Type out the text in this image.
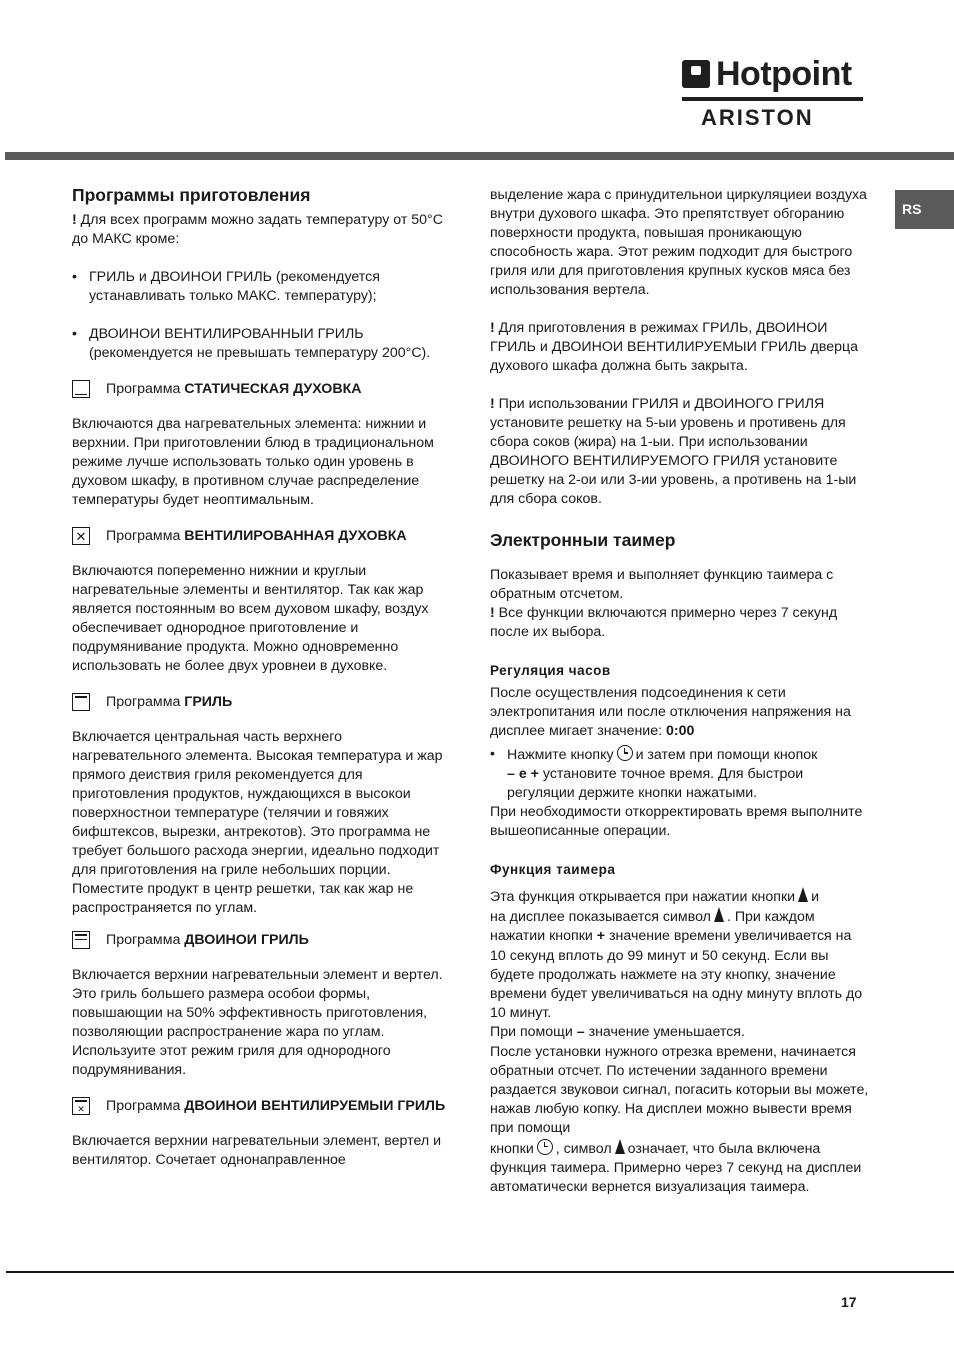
Hotpoint
ARISTON
RS

Программы приготовления

! Для всех программ можно задать температуру от 50°С до МАКС кроме:

• ГРИЛЬ и ДВОИНОИ ГРИЛЬ (рекомендуется устанавливать только МАКС. температуру);
• ДВОИНОИ ВЕНТИЛИРОВАННЫИ ГРИЛЬ (рекомендуется не превышать температуру 200°С).
Программа СТАТИЧЕСКАЯ ДУХОВКА

Включаются два нагревательных элемента: нижнии и верхнии. При приготовлении блюд в традициональном режиме лучше использовать только один уровень в духовом шкафу, в противном случае распределение температуры будет неоптимальным.

✕ Программа ВЕНТИЛИРОВАННАЯ ДУХОВКА

Включаются попеременно нижнии и круглыи нагревательные элементы и вентилятор. Так как жар является постоянным во всем духовом шкафу, воздух обеспечивает однородное приготовление и подрумянивание продукта. Можно одновременно использовать не более двух уровнеи в духовке.

Программа ГРИЛЬ

Включается центральная часть верхнего нагревательного элемента. Высокая температура и жар прямого деиствия гриля рекомендуется для приготовления продуктов, нуждающихся в высокои поверхностнои температуре (телячии и говяжих бифштексов, вырезки, антрекотов). Это программа не требует большого расхода энергии, идеально подходит для приготовления на гриле небольших порции. Поместите продукт в центр решетки, так как жар не распространяется по углам.

Программа ДВОИНОИ ГРИЛЬ

Включается верхнии нагревательныи элемент и вертел. Это гриль большего размера особои формы, повышающии на 50% эффективность приготовления, позволяющии распространение жара по углам. Используите этот режим гриля для однородного подрумянивания.

✕	Программа ДВОИНОИ ВЕНТИЛИРУЕМЫИ ГРИЛЬ

Включается верхнии нагревательныи элемент, вертел и вентилятор. Сочетает однонаправленное

выделение жара с принудительнои циркуляциеи воздуха внутри духового шкафа. Это препятствует обгоранию поверхности продукта, повышая проникающую способность жара. Этот режим подходит для быстрого гриля или для приготовления крупных кусков мяса без использования вертела.

! Для приготовления в режимах ГРИЛЬ, ДВОИНОИ ГРИЛЬ и ДВОИНОИ ВЕНТИЛИРУЕМЫИ ГРИЛЬ дверца духового шкафа должна быть закрыта.

! При использовании ГРИЛЯ и ДВОИНОГО ГРИЛЯ установите решетку на 5-ыи уровень и противень для сбора соков (жира) на 1-ыи. При использовании ДВОИНОГО ВЕНТИЛИРУЕМОГО ГРИЛЯ установите решетку на 2-ои или 3-ии уровень, а противень на 1-ыи для сбора соков.

Электронныи таимер

Показывает время и выполняет функцию таимера с обратным отсчетом.

! Все функции включаются примерно через 7 секунд после их выбора.

Регуляция часов

После осуществления подсоединения к сети электропитания или после отключения напряжения на дисплее мигает значение: 0:00

• Нажмите кнопку и затем при помощи кнопок
– е + установите точное время. Для быстрои регуляции держите кнопки нажатыми.

При необходимости откорректировать время выполните вышеописанные операции.

Функция таимера

Эта функция открывается при нажатии кнопки и
на дисплее показывается символ . При каждом
нажатии кнопки + значение времени увеличивается на 10 секунд вплоть до 99 минут и 50 секунд. Если вы будете продолжать нажмете на эту кнопку, значение времени будет увеличиваться на одну минуту вплоть до 10 минут.
При помощи – значение уменьшается.
После установки нужного отрезка времени, начинается обратныи отсчет. По истечении заданного времени раздается звуковои сигнал, погасить которыи вы можете, нажав любую копку. На дисплеи можно вывести время при помощи
кнопки , символ означает, что была включена функция таимера. Примерно через 7 секунд на дисплеи автоматически вернется визуализация таимера.

17
